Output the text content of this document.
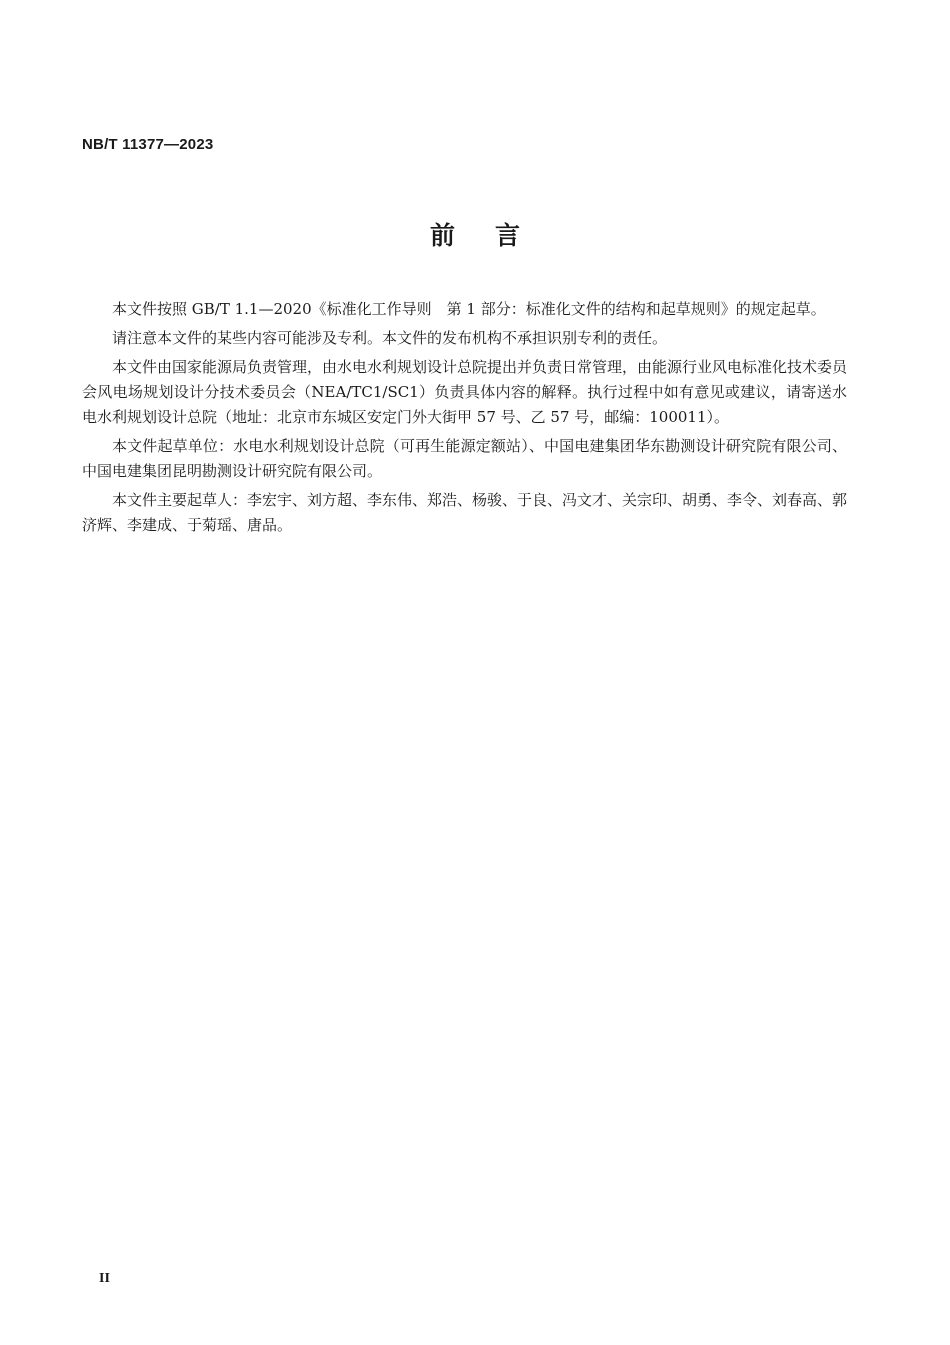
NB/T 11377—2023
前言

本文件按照 GB/T 1.1—2020《标准化工作导则　第 1 部分：标准化文件的结构和起草规则》的规定起草。

请注意本文件的某些内容可能涉及专利。本文件的发布机构不承担识别专利的责任。

本文件由国家能源局负责管理，由水电水利规划设计总院提出并负责日常管理，由能源行业风电标准化技术委员会风电场规划设计分技术委员会（NEA/TC1/SC1）负责具体内容的解释。执行过程中如有意见或建议，请寄送水电水利规划设计总院（地址：北京市东城区安定门外大街甲 57 号、乙 57 号，邮编：100011）。

本文件起草单位：水电水利规划设计总院（可再生能源定额站）、中国电建集团华东勘测设计研究院有限公司、中国电建集团昆明勘测设计研究院有限公司。

本文件主要起草人：李宏宇、刘方超、李东伟、郑浩、杨骏、于良、冯文才、关宗印、胡勇、李令、刘春高、郭济辉、李建成、于菊瑶、唐品。

II
